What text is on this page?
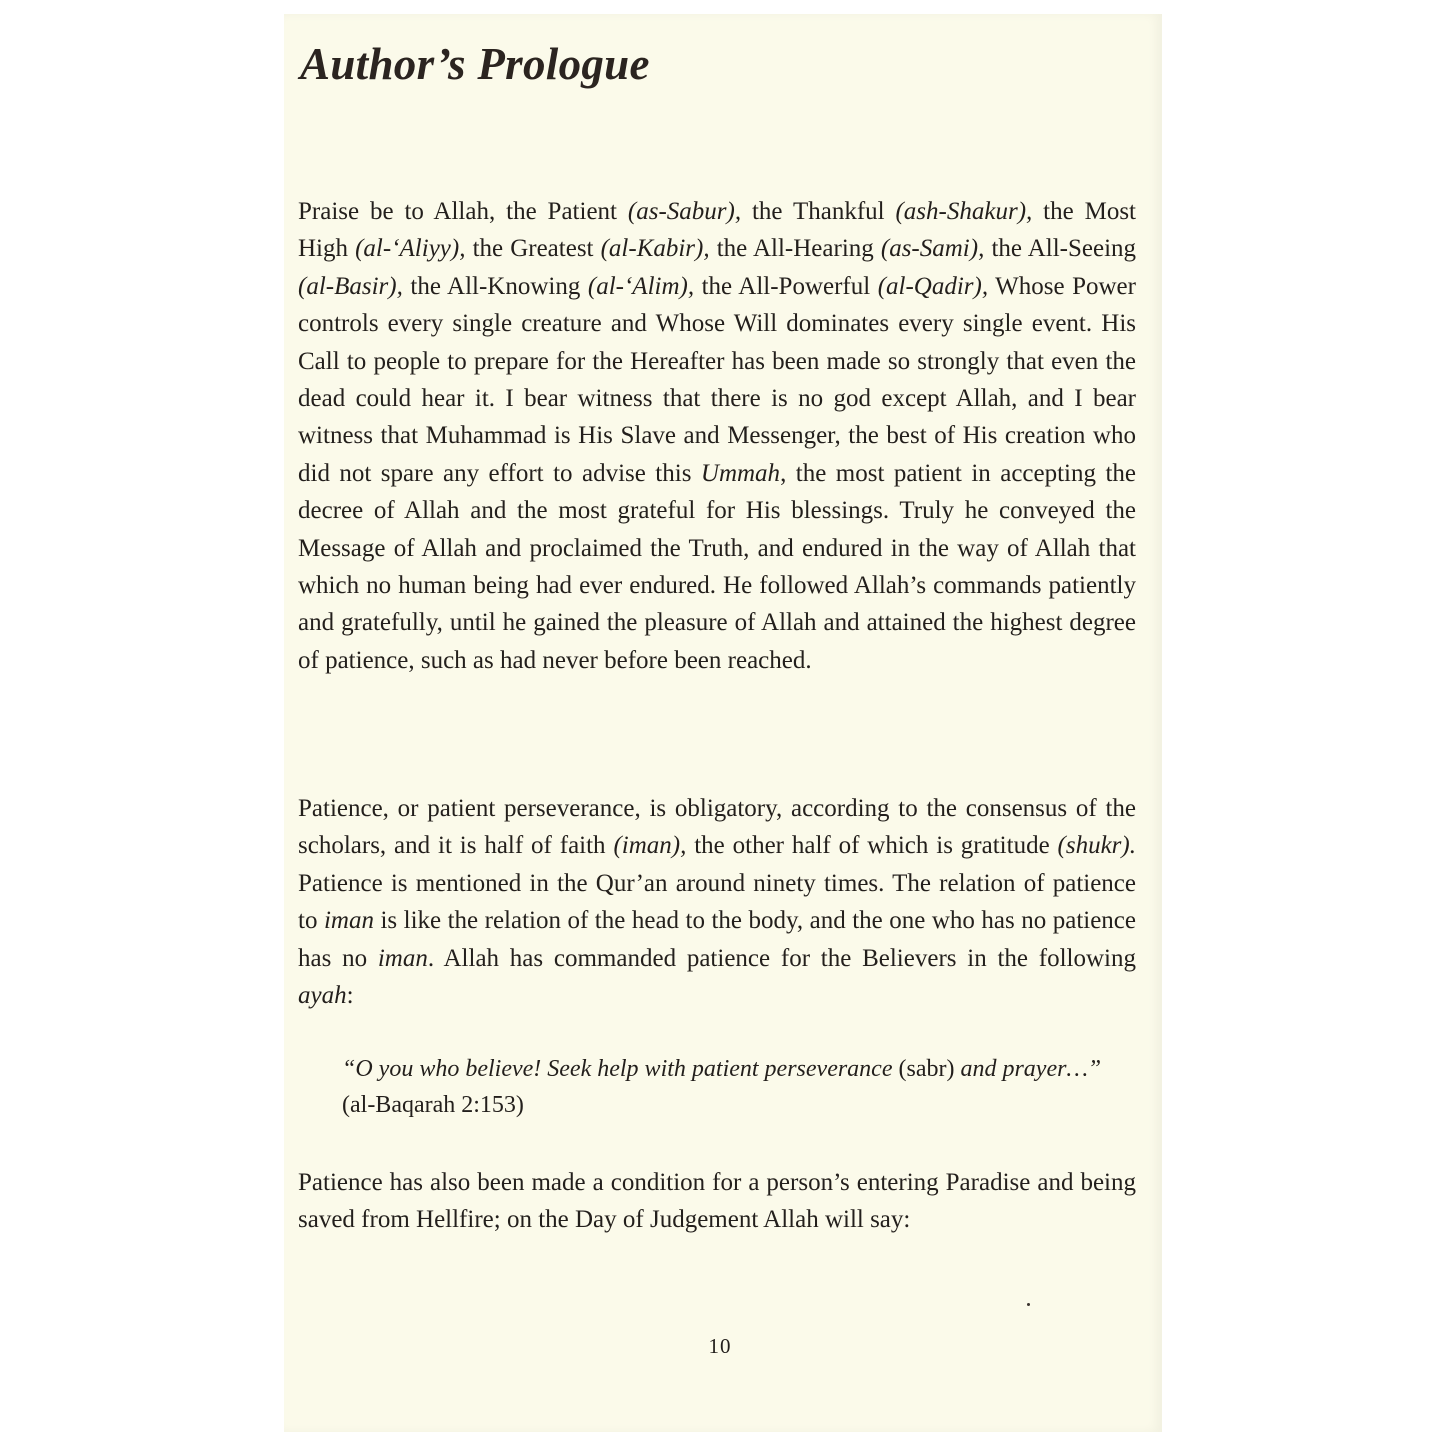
Author’s Prologue

Praise be to Allah, the Patient (as-Sabur), the Thankful (ash-Shakur), the Most High (al-‘Aliyy), the Greatest (al-Kabir), the All-Hearing (as-Sami), the All-Seeing (al-Basir), the All-Knowing (al-‘Alim), the All-Powerful (al-Qadir), Whose Power controls every single creature and Whose Will dominates every single event. His Call to people to prepare for the Hereafter has been made so strongly that even the dead could hear it. I bear witness that there is no god except Allah, and I bear witness that Muhammad is His Slave and Messenger, the best of His creation who did not spare any effort to advise this Ummah, the most patient in accepting the decree of Allah and the most grateful for His blessings. Truly he conveyed the Message of Allah and proclaimed the Truth, and endured in the way of Allah that which no human being had ever endured. He followed Allah’s commands patiently and gratefully, until he gained the pleasure of Allah and attained the highest degree of patience, such as had never before been reached.

Patience, or patient perseverance, is obligatory, according to the consensus of the scholars, and it is half of faith (iman), the other half of which is gratitude (shukr). Patience is mentioned in the Qur’an around ninety times. The relation of patience to iman is like the relation of the head to the body, and the one who has no patience has no iman. Allah has commanded patience for the Believers in the following ayah:

“O you who believe! Seek help with patient perseverance (sabr) and prayer…” (al-Baqarah 2:153)

Patience has also been made a condition for a person’s entering Paradise and being saved from Hellfire; on the Day of Judgement Allah will say:

10
